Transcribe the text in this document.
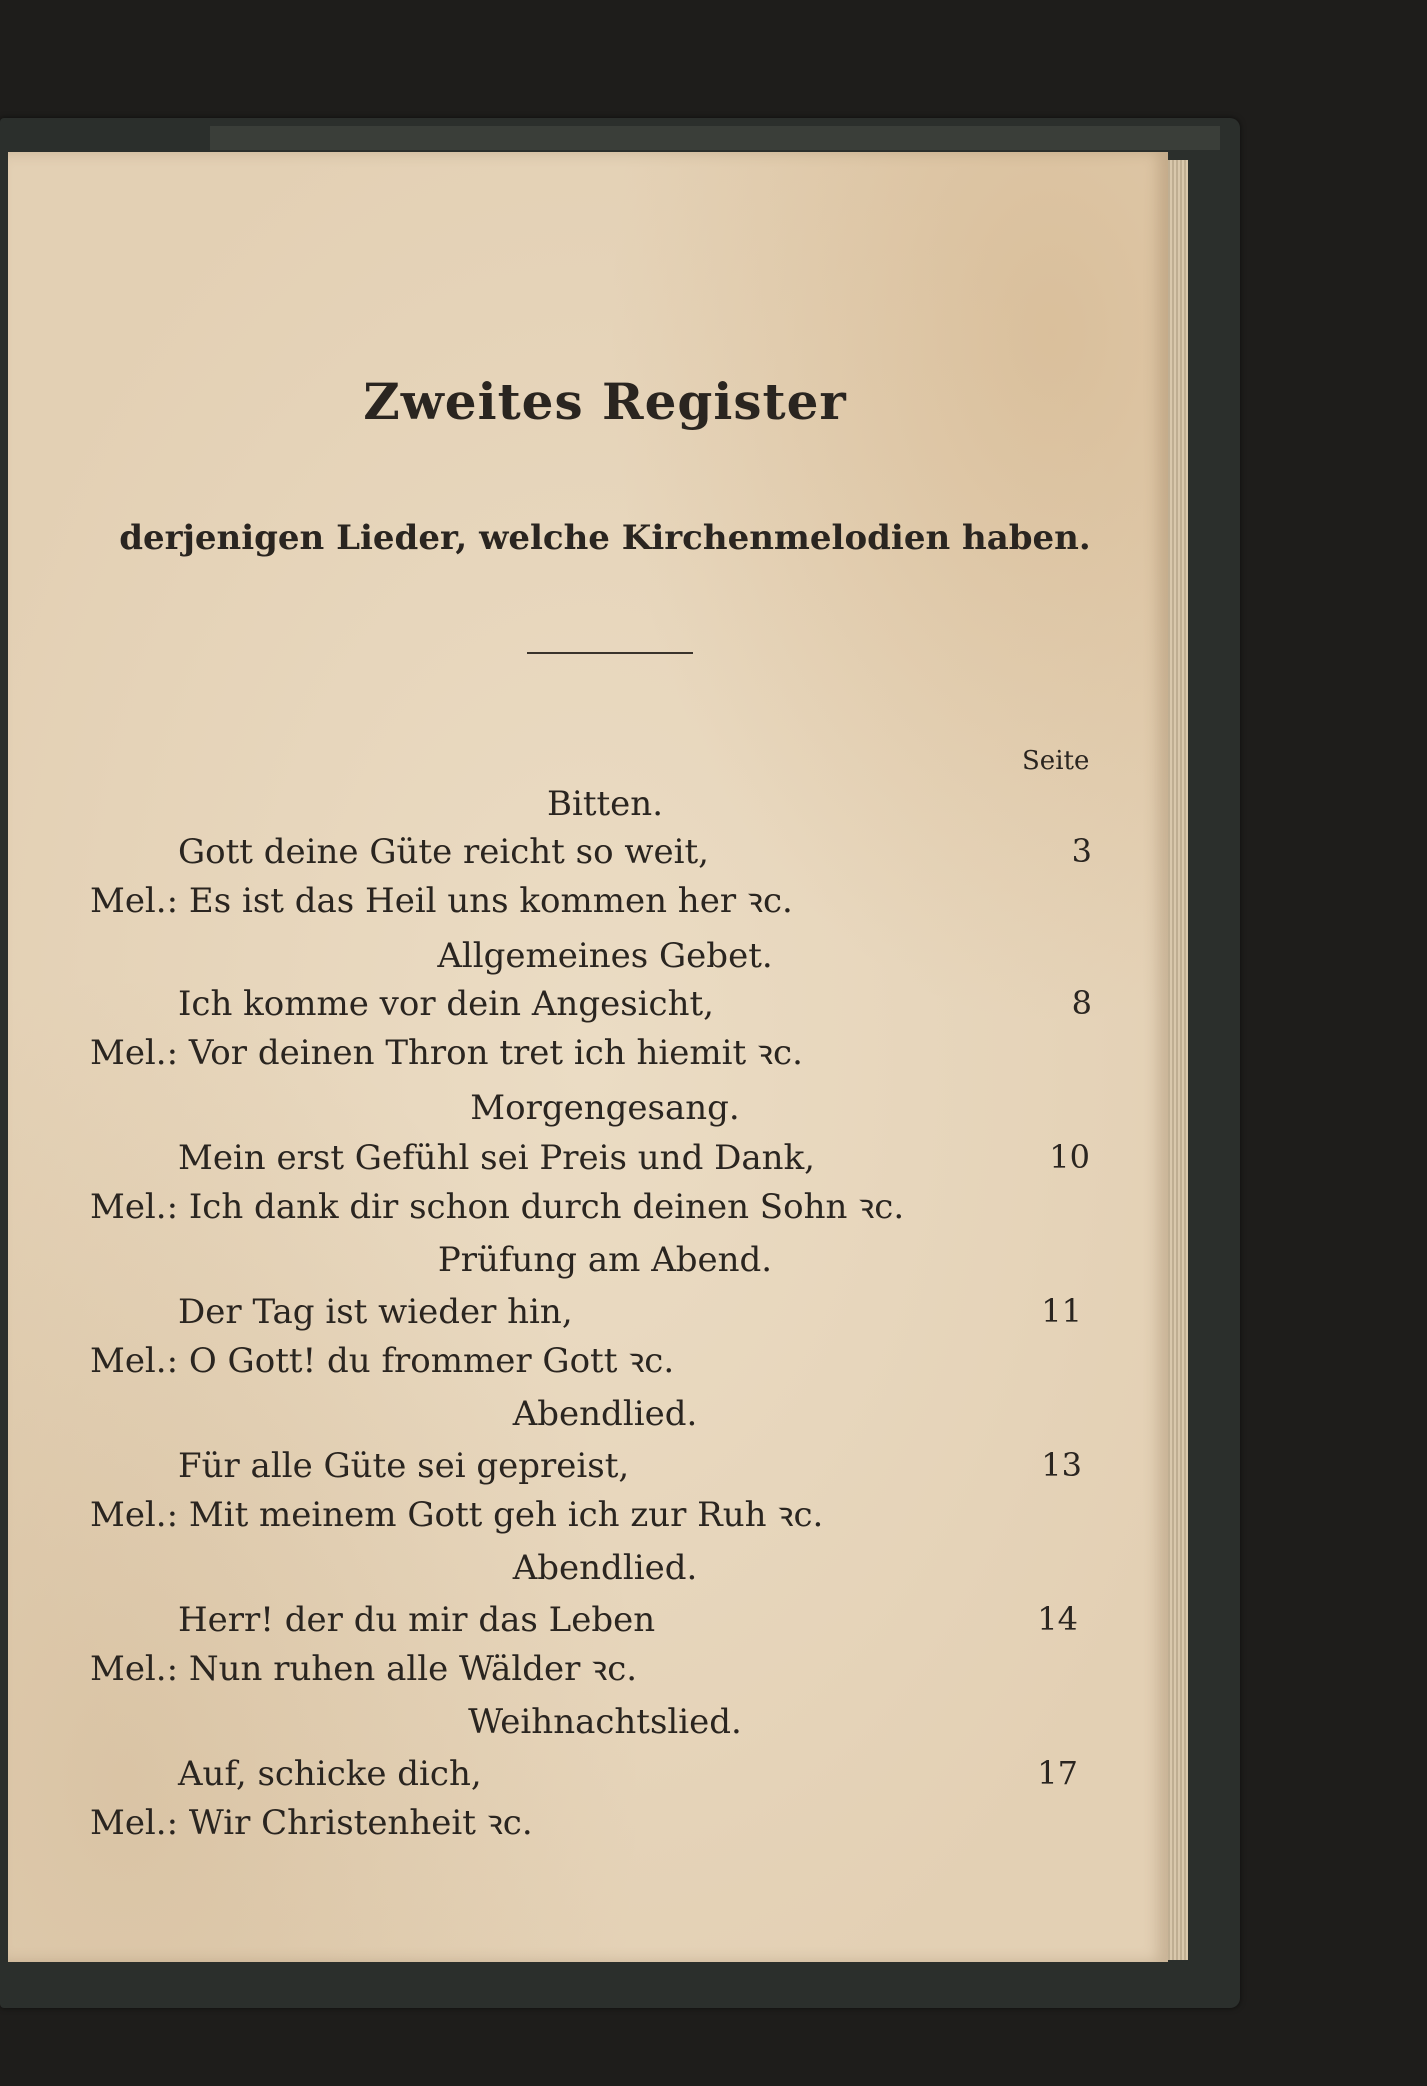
Zweites Register
derjenigen Lieder, welche Kirchenmelodien haben.
Seite
Bitten.
Gott deine Güte reicht so weit,	3
Mel.: Es ist das Heil uns kommen her ꝛc.
Allgemeines Gebet.
Ich komme vor dein Angesicht,	8
Mel.: Vor deinen Thron tret ich hiemit ꝛc.
Morgengesang.
Mein erst Gefühl sei Preis und Dank,	10
Mel.: Ich dank dir schon durch deinen Sohn ꝛc.
Prüfung am Abend.
Der Tag ist wieder hin,	11
Mel.: O Gott! du frommer Gott ꝛc.
Abendlied.
Für alle Güte sei gepreist,	13
Mel.: Mit meinem Gott geh ich zur Ruh ꝛc.
Abendlied.
Herr! der du mir das Leben	14
Mel.: Nun ruhen alle Wälder ꝛc.
Weihnachtslied.
Auf, schicke dich,	17
Mel.: Wir Christenheit ꝛc.
